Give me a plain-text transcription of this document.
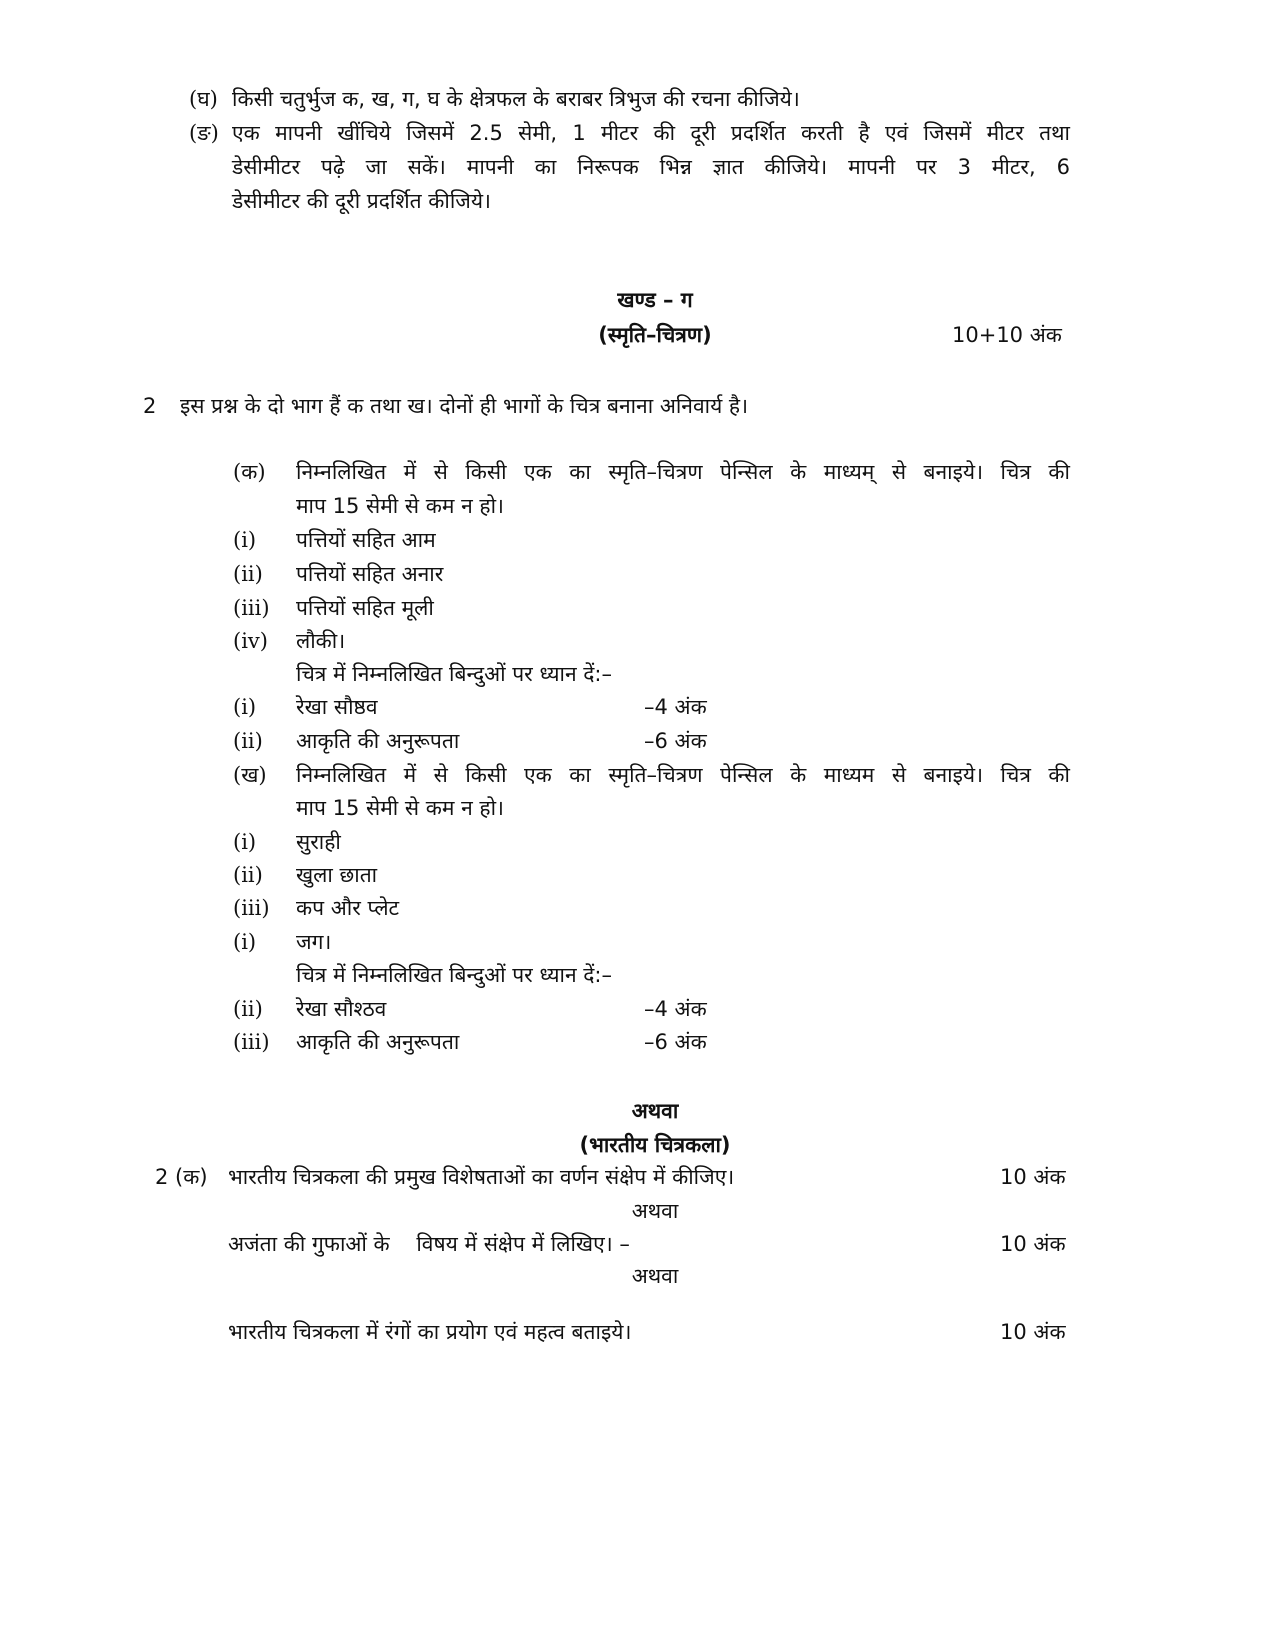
(घ) किसी चतुर्भुज क, ख, ग, घ के क्षेत्रफल के बराबर त्रिभुज की रचना कीजिये।
(ङ) एक मापनी खींचिये जिसमें 2.5 सेमी, 1 मीटर की दूरी प्रदर्शित करती है एवं जिसमें मीटर तथा
डेसीमीटर पढ़े जा सकें। मापनी का निरूपक भिन्न ज्ञात कीजिये। मापनी पर 3 मीटर, 6
डेसीमीटर की दूरी प्रदर्शित कीजिये।
खण्ड – ग
(स्मृति–चित्रण)	10+10 अंक
2 इस प्रश्न के दो भाग हैं क तथा ख। दोनों ही भागों के चित्र बनाना अनिवार्य है।
(क) निम्नलिखित में से किसी एक का स्मृति–चित्रण पेन्सिल के माध्यम् से बनाइये। चित्र की
माप 15 सेमी से कम न हो।
(i) पत्तियों सहित आम
(ii) पत्तियों सहित अनार
(iii) पत्तियों सहित मूली
(iv) लौकी।
चित्र में निम्नलिखित बिन्दुओं पर ध्यान दें:–
(i) रेखा सौष्ठव	–4 अंक
(ii) आकृति की अनुरूपता	–6 अंक
(ख) निम्नलिखित में से किसी एक का स्मृति–चित्रण पेन्सिल के माध्यम से बनाइये। चित्र की
माप 15 सेमी से कम न हो।
(i) सुराही
(ii) खुला छाता
(iii) कप और प्लेट
(i) जग।
चित्र में निम्नलिखित बिन्दुओं पर ध्यान दें:–
(ii) रेखा सौश्ठव	–4 अंक
(iii) आकृति की अनुरूपता	–6 अंक
अथवा
(भारतीय चित्रकला)
2 (क) भारतीय चित्रकला की प्रमुख विशेषताओं का वर्णन संक्षेप में कीजिए।	10 अंक
अथवा
अजंता की गुफाओं के    विषय में संक्षेप में लिखिए। –	10 अंक
अथवा
भारतीय चित्रकला में रंगों का प्रयोग एवं महत्व बताइये।	10 अंक
